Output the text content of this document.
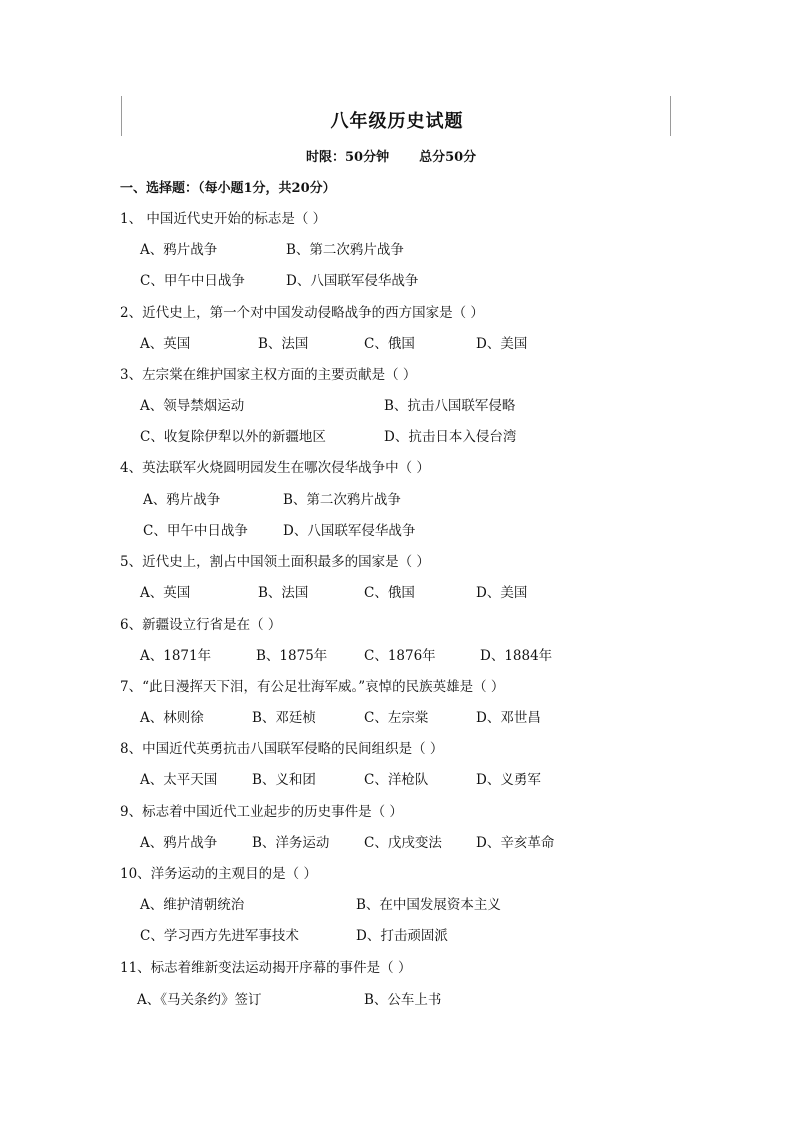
八年级历史试题
时限：50分钟 总分50分
一、选择题：（每小题1分，共20分）
1、 中国近代史开始的标志是（ ）
A、鸦片战争	B、第二次鸦片战争
C、甲午中日战争	D、八国联军侵华战争
2、近代史上，第一个对中国发动侵略战争的西方国家是（ ）
A、英国	B、法国	C、俄国	D、美国
3、左宗棠在维护国家主权方面的主要贡献是（ ）
A、领导禁烟运动	B、抗击八国联军侵略
C、收复除伊犁以外的新疆地区	D、抗击日本入侵台湾
4、英法联军火烧圆明园发生在哪次侵华战争中（ ）
A、鸦片战争	B、第二次鸦片战争
C、甲午中日战争	D、八国联军侵华战争
5、近代史上，割占中国领土面积最多的国家是（ ）
A、英国	B、法国	C、俄国	D、美国
6、新疆设立行省是在（ ）
A、1871年	B、1875年	C、1876年	D、1884年
7、“此日漫挥天下泪，有公足壮海军威。”哀悼的民族英雄是（ ）
A、林则徐	B、邓廷桢	C、左宗棠	D、邓世昌
8、中国近代英勇抗击八国联军侵略的民间组织是（ ）
A、太平天国	B、义和团	C、洋枪队	D、义勇军
9、标志着中国近代工业起步的历史事件是（ ）
A、鸦片战争	B、洋务运动	C、戊戌变法	D、辛亥革命
10、洋务运动的主观目的是（ ）
A、维护清朝统治	B、在中国发展资本主义
C、学习西方先进军事技术	D、打击顽固派
11、标志着维新变法运动揭开序幕的事件是（ ）
A、《马关条约》签订	B、公车上书
